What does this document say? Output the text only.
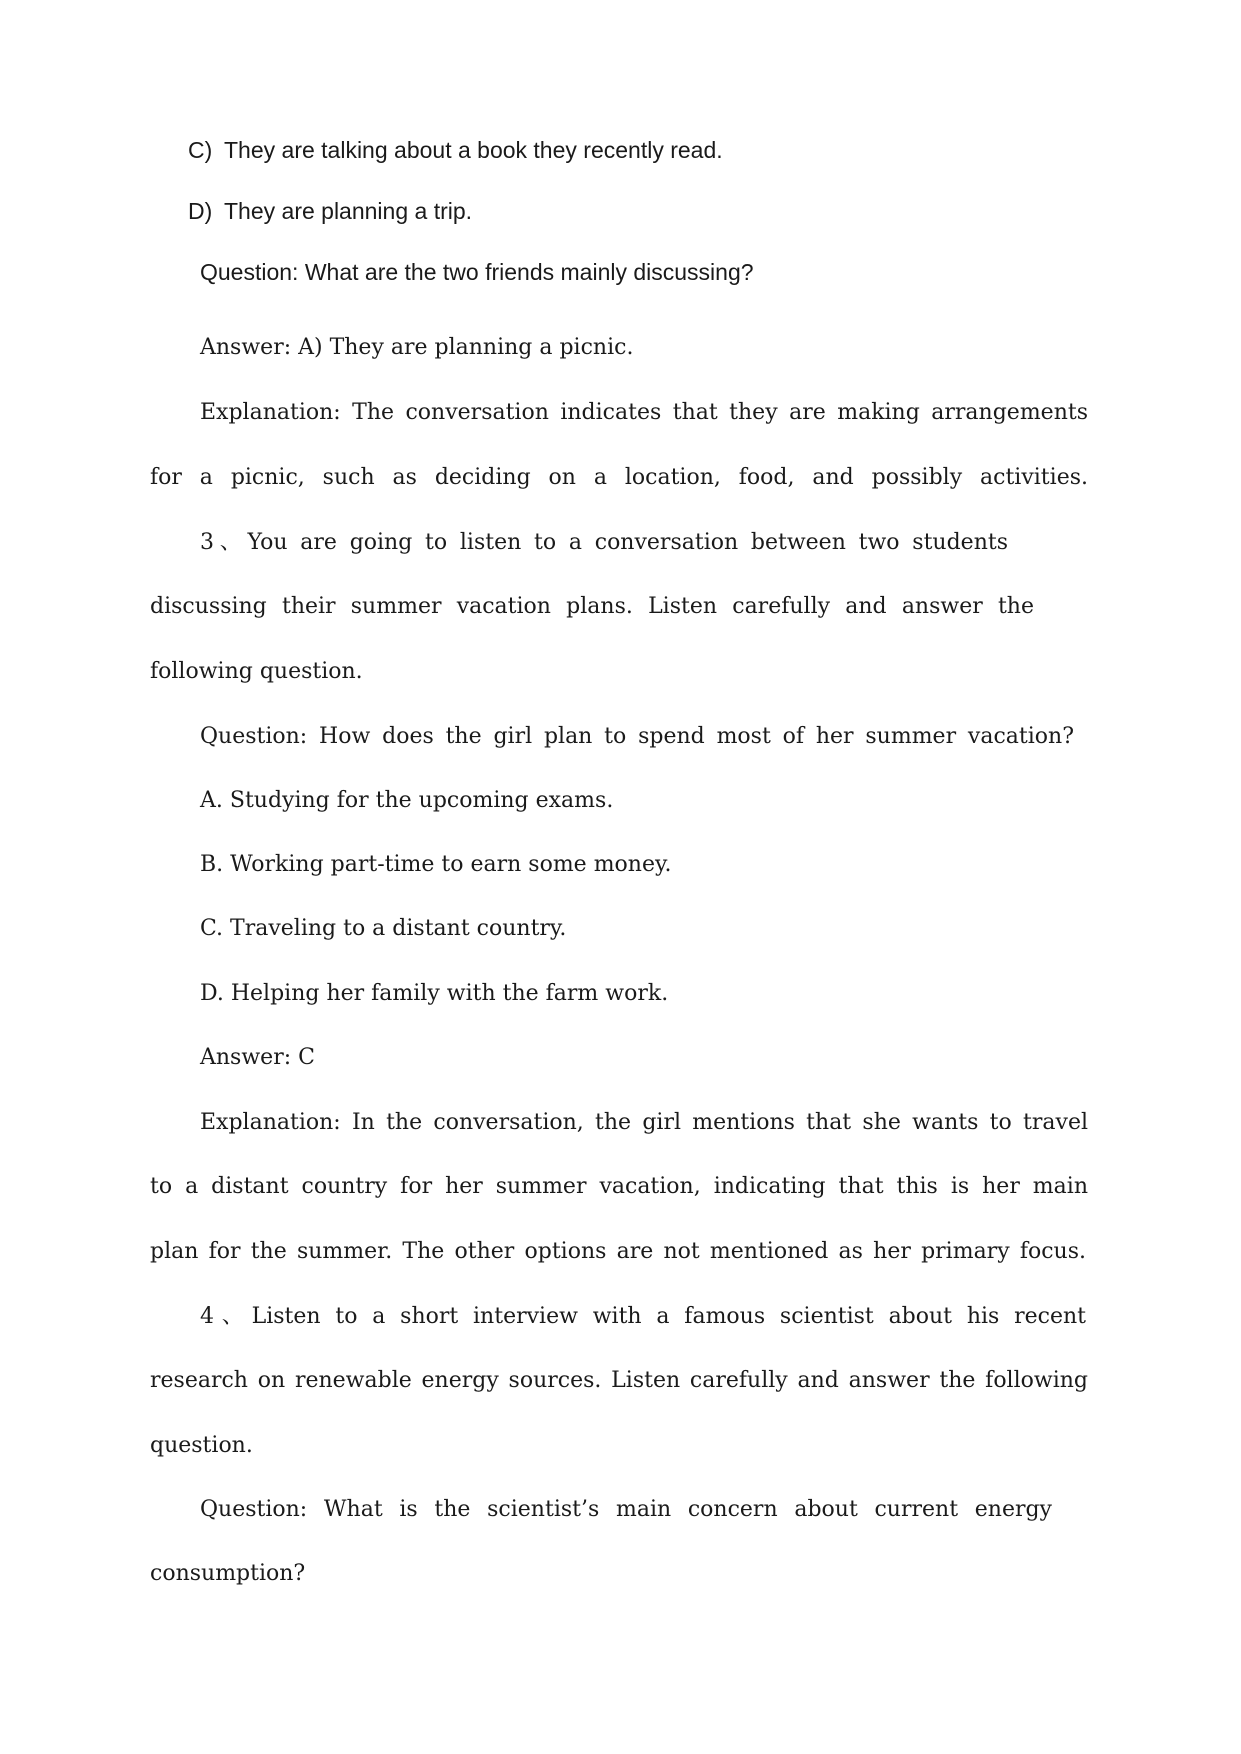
C) They are talking about a book they recently read.

D) They are planning a trip.

Question: What are the two friends mainly discussing?

Answer: A) They are planning a picnic.

Explanation: The conversation indicates that they are making arrangements

for a picnic, such as deciding on a location, food, and possibly activities.

3、You are going to listen to a conversation between two students

discussing their summer vacation plans. Listen carefully and answer the

following question.

Question: How does the girl plan to spend most of her summer vacation?

A. Studying for the upcoming exams.

B. Working part-time to earn some money.

C. Traveling to a distant country.

D. Helping her family with the farm work.

Answer: C

Explanation: In the conversation, the girl mentions that she wants to travel

to a distant country for her summer vacation, indicating that this is her main

plan for the summer. The other options are not mentioned as her primary focus.

4、Listen to a short interview with a famous scientist about his recent

research on renewable energy sources. Listen carefully and answer the following

question.

Question: What is the scientist’s main concern about current energy

consumption?
